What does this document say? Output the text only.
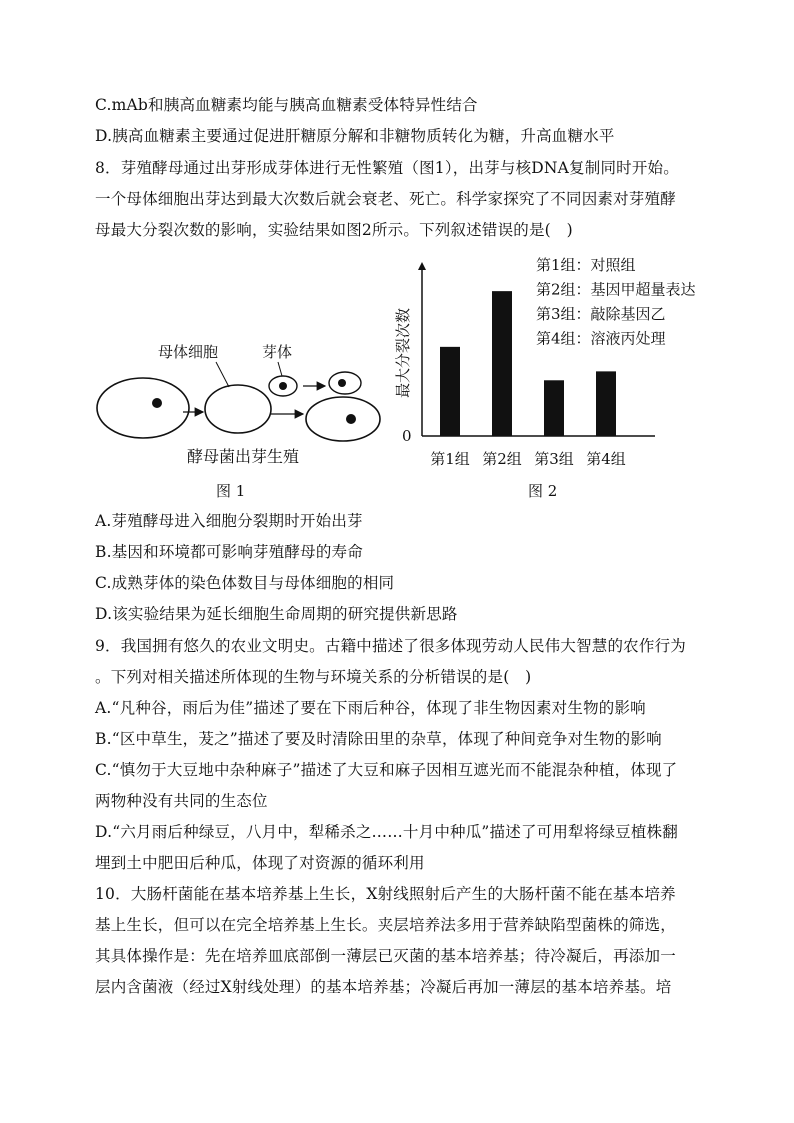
C.mAb和胰高血糖素均能与胰高血糖素受体特异性结合
D.胰高血糖素主要通过促进肝糖原分解和非糖物质转化为糖，升高血糖水平
8．芽殖酵母通过出芽形成芽体进行无性繁殖（图1），出芽与核DNA复制同时开始。
一个母体细胞出芽达到最大次数后就会衰老、死亡。科学家探究了不同因素对芽殖酵
母最大分裂次数的影响，实验结果如图2所示。下列叙述错误的是(　)
母体细胞	芽体
酵母菌出芽生殖
图 1
0
最大分裂次数
第1组 第2组 第3组 第4组
第1组：对照组
第2组：基因甲超量表达
第3组：敲除基因乙
第4组：溶液丙处理
图 2
A.芽殖酵母进入细胞分裂期时开始出芽
B.基因和环境都可影响芽殖酵母的寿命
C.成熟芽体的染色体数目与母体细胞的相同
D.该实验结果为延长细胞生命周期的研究提供新思路
9．我国拥有悠久的农业文明史。古籍中描述了很多体现劳动人民伟大智慧的农作行为
。下列对相关描述所体现的生物与环境关系的分析错误的是(　)
A.“凡种谷，雨后为佳”描述了要在下雨后种谷，体现了非生物因素对生物的影响
B.“区中草生，茇之”描述了要及时清除田里的杂草，体现了种间竞争对生物的影响
C.“慎勿于大豆地中杂种麻子”描述了大豆和麻子因相互遮光而不能混杂种植，体现了
两物种没有共同的生态位
D.“六月雨后种绿豆，八月中，犁稀杀之……十月中种瓜”描述了可用犁将绿豆植株翻
埋到土中肥田后种瓜，体现了对资源的循环利用
10．大肠杆菌能在基本培养基上生长，X射线照射后产生的大肠杆菌不能在基本培养
基上生长，但可以在完全培养基上生长。夹层培养法多用于营养缺陷型菌株的筛选，
其具体操作是：先在培养皿底部倒一薄层已灭菌的基本培养基；待冷凝后，再添加一
层内含菌液（经过X射线处理）的基本培养基；冷凝后再加一薄层的基本培养基。培
